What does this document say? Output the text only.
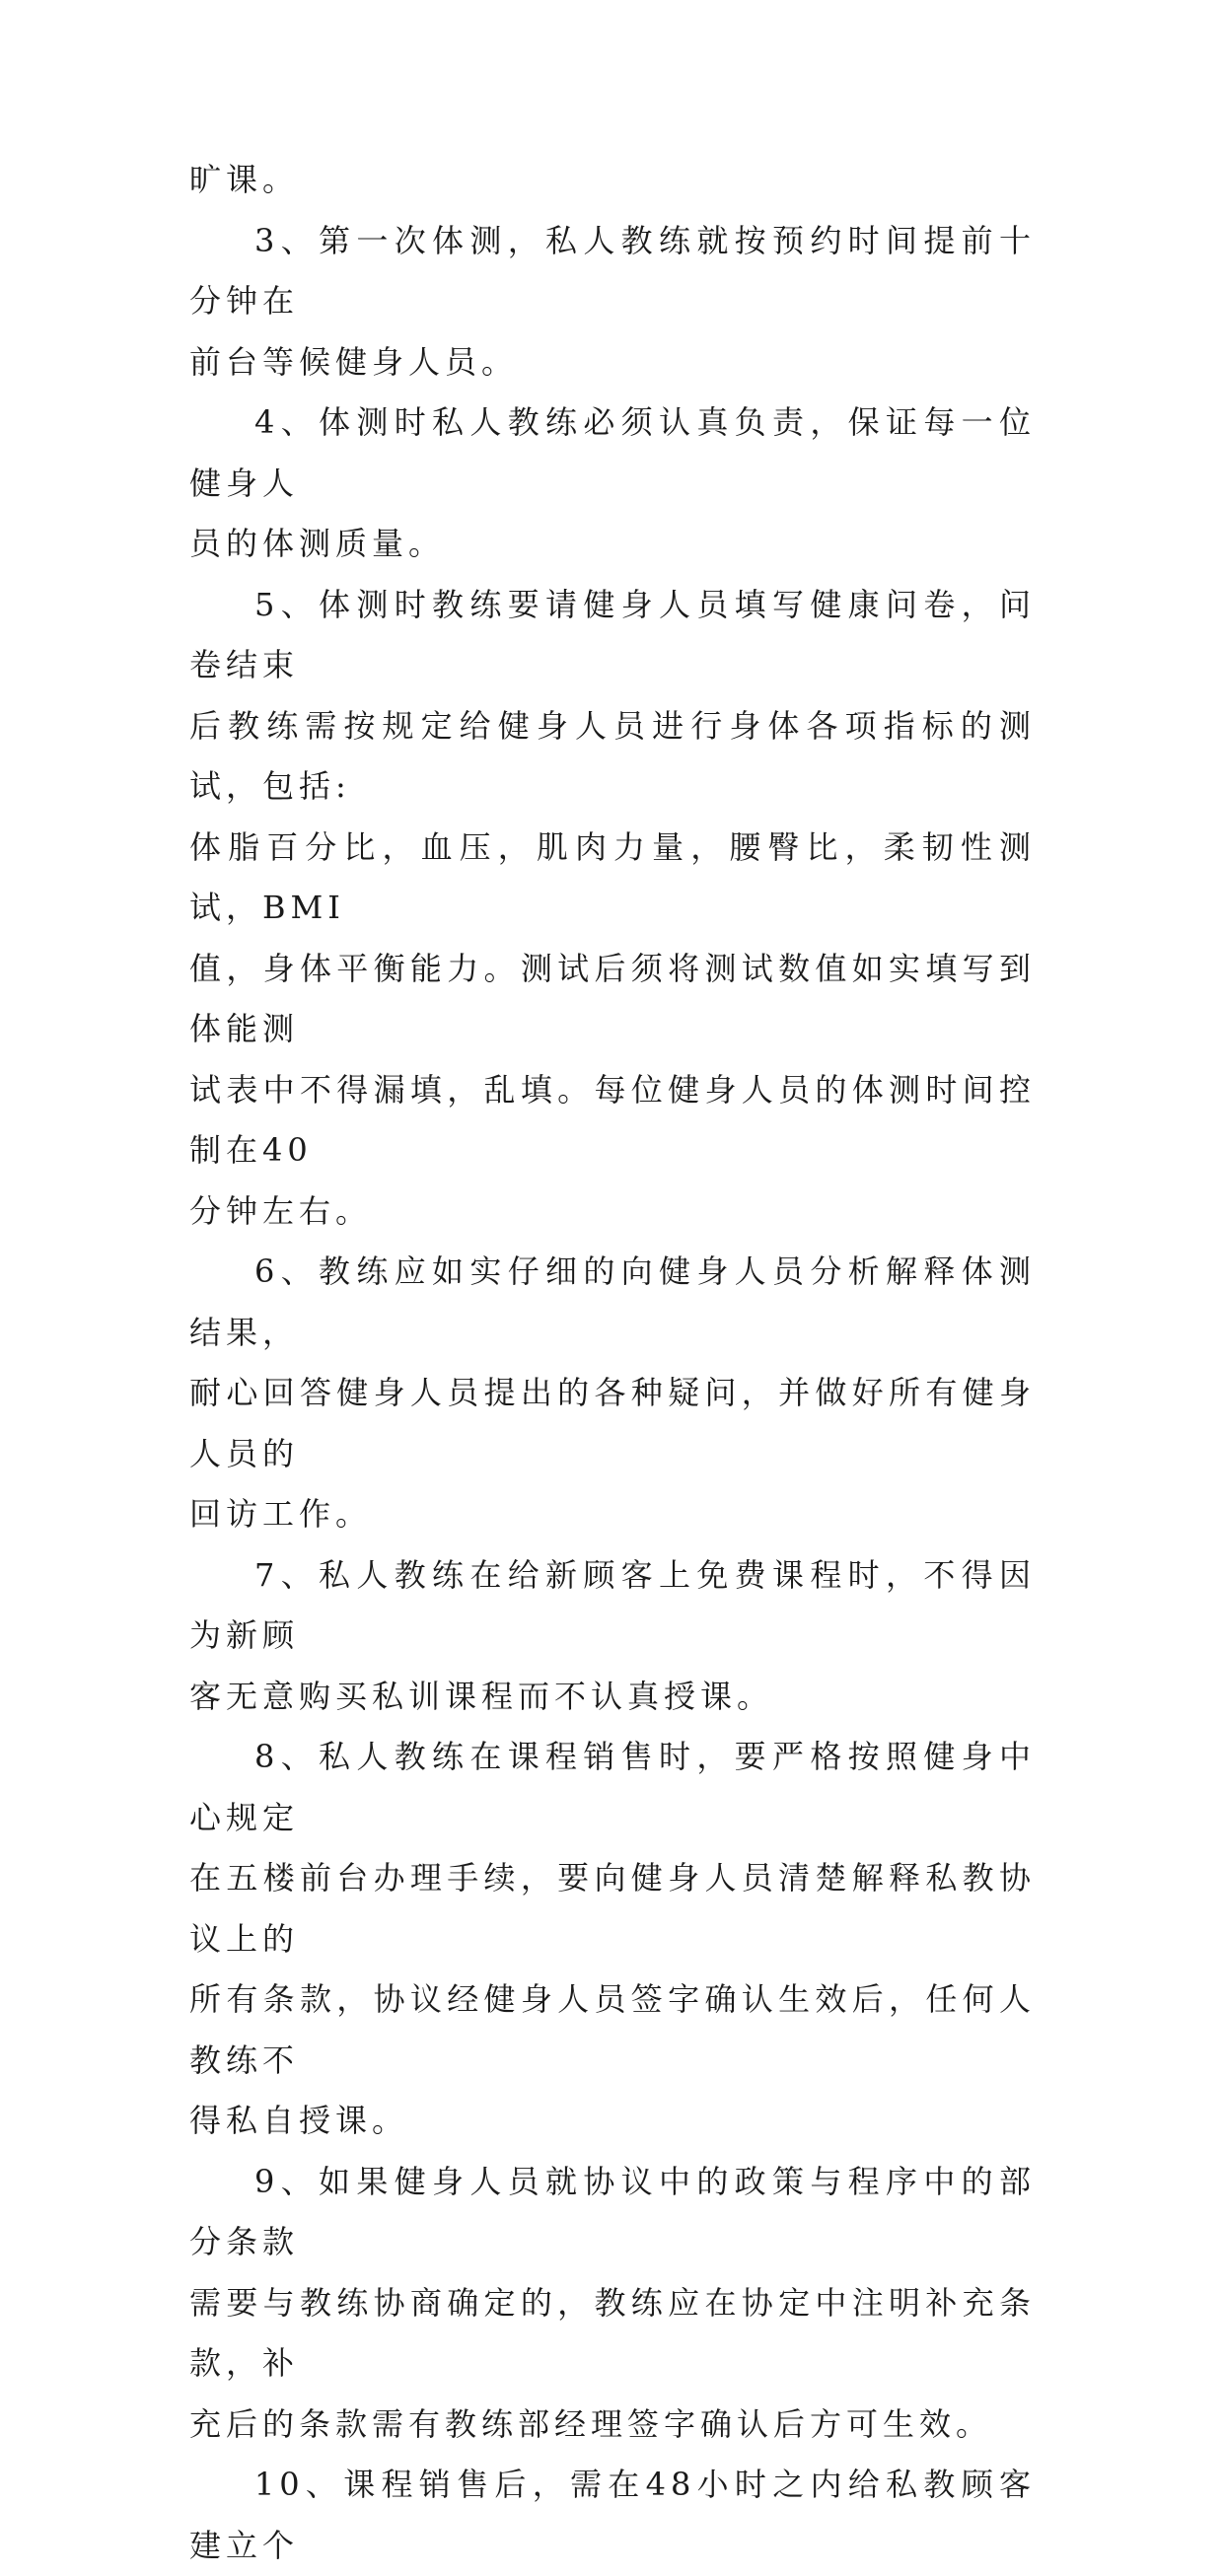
旷课。
3、第一次体测，私人教练就按预约时间提前十分钟在
前台等候健身人员。
4、体测时私人教练必须认真负责，保证每一位健身人
员的体测质量。
5、体测时教练要请健身人员填写健康问卷，问卷结束
后教练需按规定给健身人员进行身体各项指标的测试，包括:
体脂百分比，血压，肌肉力量，腰臀比，柔韧性测试，BMI
值，身体平衡能力。测试后须将测试数值如实填写到体能测
试表中不得漏填，乱填。每位健身人员的体测时间控制在40
分钟左右。
6、教练应如实仔细的向健身人员分析解释体测结果，
耐心回答健身人员提出的各种疑问，并做好所有健身人员的
回访工作。
7、私人教练在给新顾客上免费课程时，不得因为新顾
客无意购买私训课程而不认真授课。
8、私人教练在课程销售时，要严格按照健身中心规定
在五楼前台办理手续，要向健身人员清楚解释私教协议上的
所有条款，协议经健身人员签字确认生效后，任何人教练不
得私自授课。
9、如果健身人员就协议中的政策与程序中的部分条款
需要与教练协商确定的，教练应在协定中注明补充条款，补
充后的条款需有教练部经理签字确认后方可生效。
10、课程销售后，需在48小时之内给私教顾客建立个
